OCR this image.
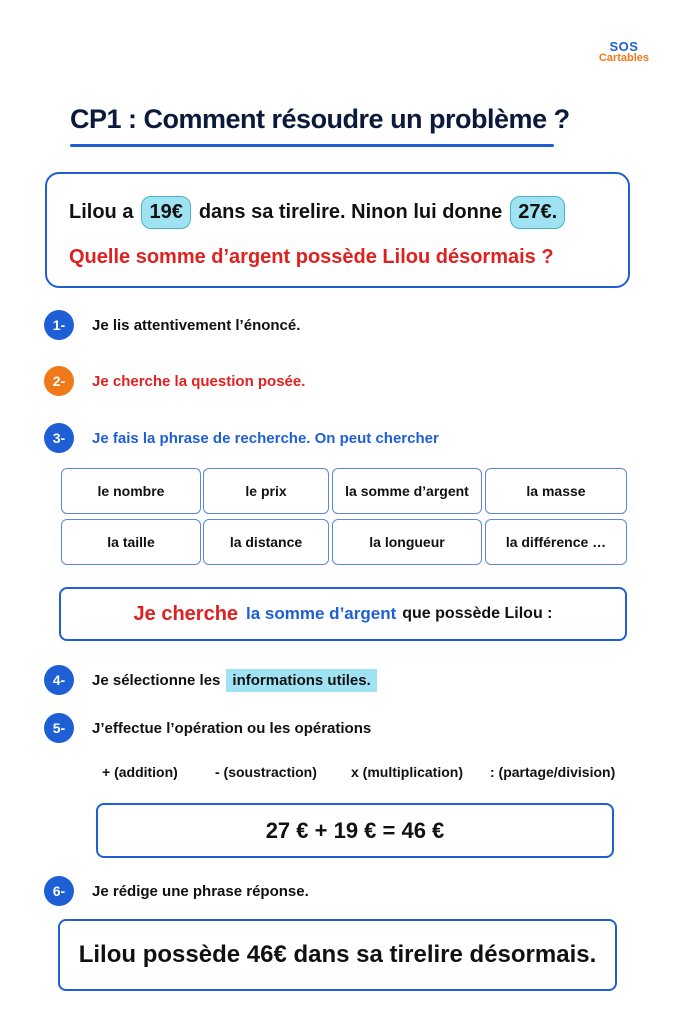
SOS
Cartables
CP1 : Comment résoudre un problème ?
Lilou a 19€ dans sa tirelire. Ninon lui donne 27€.
Quelle somme d’argent possède Lilou désormais ?
1-	Je lis attentivement l’énoncé.
2-	Je cherche la question posée.
3-	Je fais la phrase de recherche. On peut chercher
le nombre	le prix	la somme d’argent	la masse
la taille	la distance	la longueur	la différence …
Je cherche la somme d’argent que possède Lilou :
4-	Je sélectionne les informations utiles.
5-	J’effectue l’opération ou les opérations
+ (addition)	- (soustraction) x (multiplication) : (partage/division)
27 € + 19 € = 46 €
6-	Je rédige une phrase réponse.
Lilou possède 46€ dans sa tirelire désormais.
